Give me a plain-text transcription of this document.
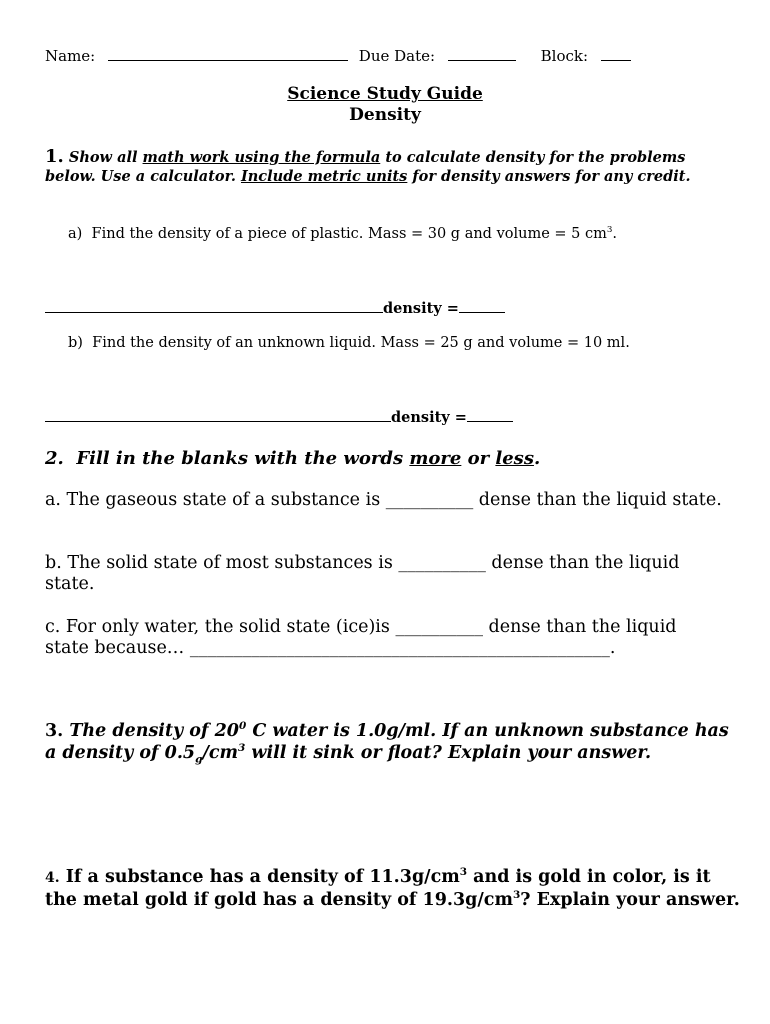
Name:	Due Date:	Block:
Science Study Guide
Density
1. Show all math work using the formula to calculate density for the problems below. Use a calculator. Include metric units for density answers for any credit.
a) Find the density of a piece of plastic. Mass = 30 g and volume = 5 $cm^3$.
density =
b) Find the density of an unknown liquid. Mass = 25 g and volume = 10 ml.
density =
2. Fill in the blanks with the words more or less.
a. The gaseous state of a substance is __________ dense than the liquid state.
b. The solid state of most substances is __________ dense than the liquid state.
c. For only water, the solid state (ice)is __________ dense than the liquid state because… ________________________________________________.
3. The density of $20^0$ C water is 1.0g/ml. If an unknown substance has a density of $0.5_g/cm^3$ will it sink or float? Explain your answer.
4. If a substance has a density of $11.3g/cm^3$ and is gold in color, is it the metal gold if gold has a density of $19.3g/cm^3$? Explain your answer.
